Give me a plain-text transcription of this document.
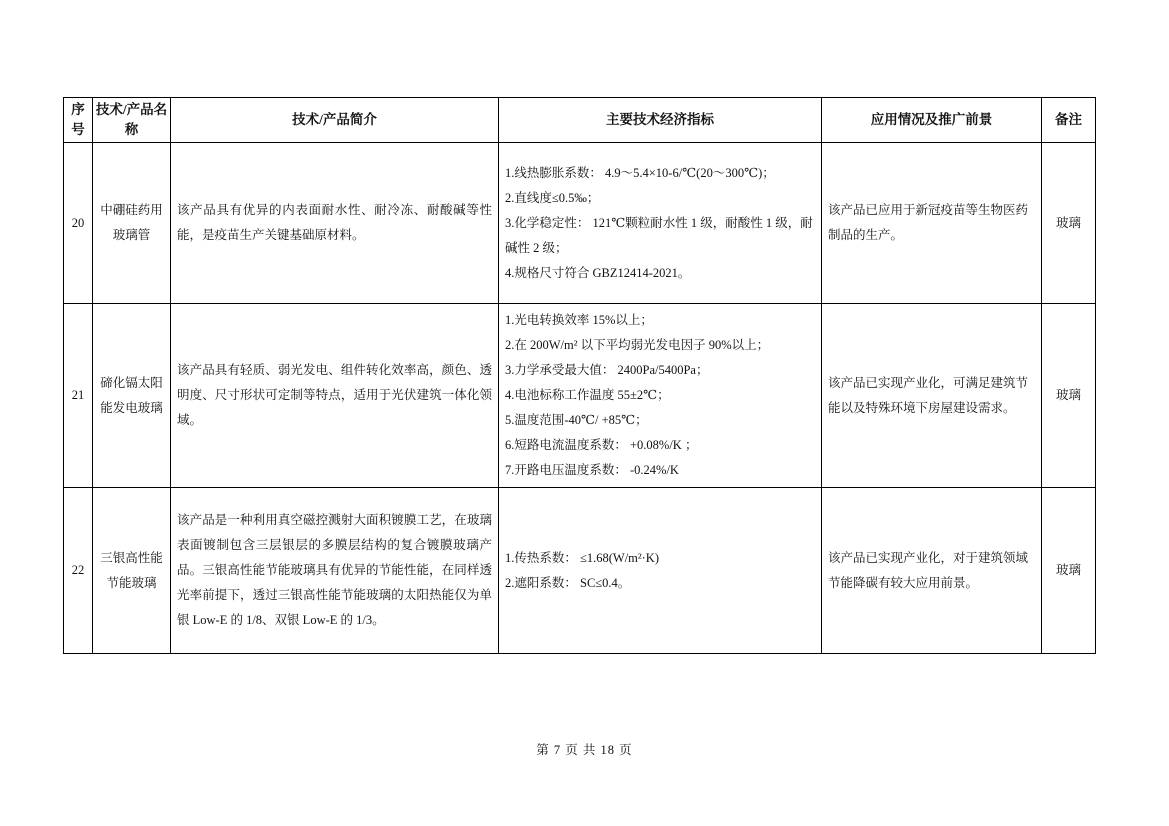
序号	技术/产品名称	技术/产品简介	主要技术经济指标	应用情况及推广前景	备注
20	中硼硅药用玻璃管	该产品具有优异的内表面耐水性、耐冷冻、耐酸碱等性能，是疫苗生产关键基础原材料。	1.线热膨胀系数： 4.9～5.4×10-6/℃(20～300℃)；
2.直线度≤0.5‰；
3.化学稳定性： 121℃颗粒耐水性 1 级，耐酸性 1 级，耐碱性 2 级；
4.规格尺寸符合 GBZ12414-2021。	该产品已应用于新冠疫苗等生物医药制品的生产。	玻璃
21	碲化镉太阳能发电玻璃	该产品具有轻质、弱光发电、组件转化效率高，颜色、透明度、尺寸形状可定制等特点，适用于光伏建筑一体化领域。	
1.光电转换效率 15%以上；
2.在 200W/m² 以下平均弱光发电因子 90%以上；
3.力学承受最大值： 2400Pa/5400Pa；
4.电池标称工作温度 55±2℃；
5.温度范围-40℃/ +85℃；
6.短路电流温度系数： +0.08%/K ；
7.开路电压温度系数： -0.24%/K
	该产品已实现产业化，可满足建筑节能以及特殊环境下房屋建设需求。	玻璃
22	三银高性能节能玻璃	该产品是一种利用真空磁控溅射大面积镀膜工艺，在玻璃表面镀制包含三层银层的多膜层结构的复合镀膜玻璃产品。三银高性能节能玻璃具有优异的节能性能，在同样透光率前提下，透过三银高性能节能玻璃的太阳热能仅为单银 Low-E 的 1/8、双银 Low-E 的 1/3。	1.传热系数： ≤1.68(W/m²·K)
2.遮阳系数： SC≤0.4。	该产品已实现产业化，对于建筑领域节能降碳有较大应用前景。	玻璃
第 7 页 共 18 页
